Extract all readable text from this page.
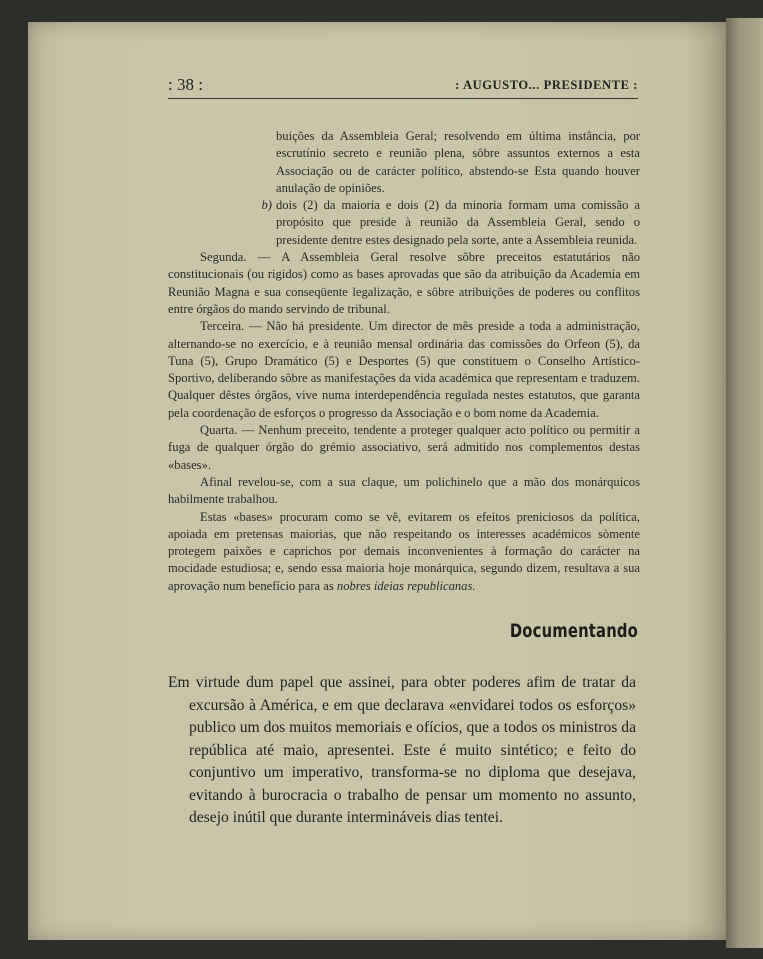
: 38 :	: AUGUSTO... PRESIDENTE :

buições da Assembleia Geral; resolvendo em última instância, por escrutínio secreto e reunião plena, sôbre assuntos externos a esta Associação ou de carácter político, abstendo-se Esta quando houver anulação de opiniões.

b) dois (2) da maioria e dois (2) da minoria formam uma comissão a propósito que preside à reunião da Assembleia Geral, sendo o presidente dentre estes designado pela sorte, ante a Assembleia reunida.

Segunda. — A Assembleia Geral resolve sôbre preceitos estatutários não constitucionais (ou rigidos) como as bases aprovadas que são da atribuição da Academia em Reunião Magna e sua conseqüente legalização, e sôbre atribuições de poderes ou conflitos entre órgãos do mando servindo de tribunal.

Terceira. — Não há presidente. Um director de mês preside a toda a administração, alternando-se no exercício, e à reunião mensal ordinária das comissões do Orfeon (5), da Tuna (5), Grupo Dramático (5) e Desportes (5) que constituem o Conselho Artístico-Sportivo, deliberando sôbre as manifestações da vida académica que representam e traduzem. Qualquer dêstes órgãos, vive numa interdependência regulada nestes estatutos, que garanta pela coordenação de esforços o progresso da Associação e o bom nome da Academia.

Quarta. — Nenhum preceito, tendente a proteger qualquer acto político ou permitir a fuga de qualquer órgão do grémio associativo, será admitido nos complementos destas «bases».

Afinal revelou-se, com a sua claque, um polichinelo que a mão dos monárquicos habilmente trabalhou.

Estas «bases» procuram como se vê, evitarem os efeitos preniciosos da política, apoiada em pretensas maiorias, que não respeitando os interesses académicos sòmente protegem paixões e caprichos por demais inconvenientes à formação do carácter na mocidade estudiosa; e, sendo essa maioria hoje monárquica, segundo dizem, resultava a sua aprovação num benefício para as nobres ideias republicanas.

Documentando

Em virtude dum papel que assinei, para obter poderes afim de tratar da excursão à América, e em que declarava «envidarei todos os esforços» publico um dos muitos memoriais e ofícios, que a todos os ministros da república até maio, apresentei. Este é muito sintético; e feito do conjuntivo um imperativo, transforma-se no diploma que desejava, evitando à burocracia o trabalho de pensar um momento no assunto, desejo inútil que durante intermináveis dias tentei.
